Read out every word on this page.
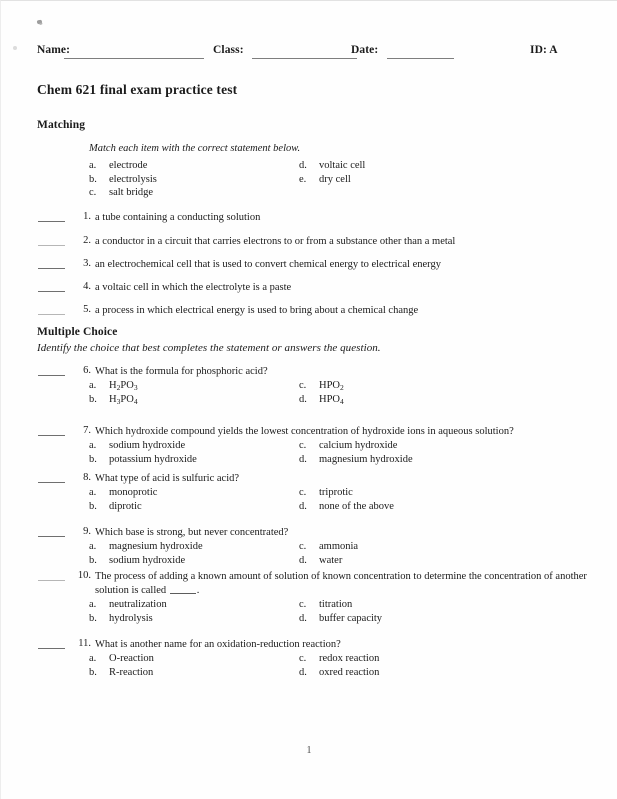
Name:	Class:	Date:	ID: A
Chem 621 final exam practice test
Matching
Match each item with the correct statement below.
a.	electrode
b.	electrolysis
c.	salt bridge
d.	voltaic cell
e.	dry cell
1. a tube containing a conducting solution
2. a conductor in a circuit that carries electrons to or from a substance other than a metal
3. an electrochemical cell that is used to convert chemical energy to electrical energy
4. a voltaic cell in which the electrolyte is a paste
5. a process in which electrical energy is used to bring about a chemical change
Multiple Choice
Identify the choice that best completes the statement or answers the question.
6. What is the formula for phosphoric acid?
a.	$H_2PO_3$
b.	$H_3PO_4$
c.	$HPO_2$
d.	$HPO_4$
7. Which hydroxide compound yields the lowest concentration of hydroxide ions in aqueous solution?
a.	sodium hydroxide
b.	potassium hydroxide
c.	calcium hydroxide
d.	magnesium hydroxide
8. What type of acid is sulfuric acid?
a.	monoprotic
b.	diprotic
c.	triprotic
d.	none of the above
9. Which base is strong, but never concentrated?
a.	magnesium hydroxide
b.	sodium hydroxide
c.	ammonia
d.	water
10. The process of adding a known amount of solution of known concentration to determine the concentration of another solution is called	.
a.	neutralization
b.	hydrolysis
c.	titration
d.	buffer capacity
11. What is another name for an oxidation-reduction reaction?
a.	O-reaction
b.	R-reaction
c.	redox reaction
d.	oxred reaction
1
